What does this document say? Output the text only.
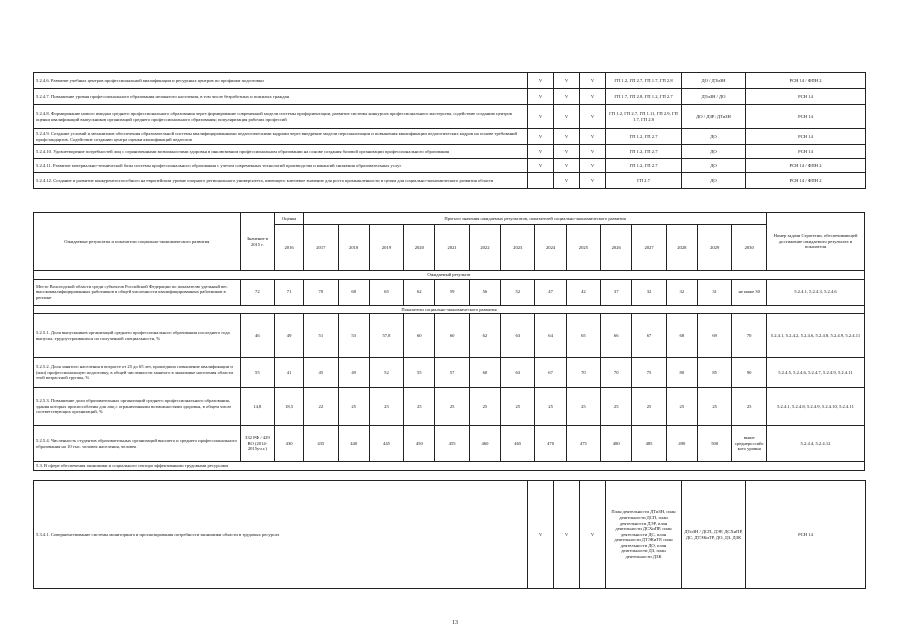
5.2.4.6. Развитие учебных центров профессиональной квалификации и ресурсных центров по профилям подготовки	V	V	V	ГП 1.2, ГП 2.7, ГП 1.7, ГП 2.8	ДО / ДТиЗН	РСН 14 / ФПН 2
5.2.4.7. Повышение уровня профессионального образования незанятого населения, в том числе безработных и пожилых граждан	V	V	V	ГП 1.7, ГП 2.8, ГП 1.2, ГП 2.7	ДТиЗН / ДО	РСН 14
5.2.4.8. Формирование нового имиджа среднего профессионального образования через формирование современной модели системы профориентации, развитие системы конкурсов профессионального мастерства, содействие созданию центров оценки квалификаций выпускников организаций среднего профессионального образования; популяризация рабочих профессий	V	V	V	ГП 1.2, ГП 2.7, ГП 1.11, ГП 2.9, ГП 1.7, ГП 2.8	ДО / ДЗР; ДТиЗН	РСН 14
5.2.4.9. Создание условий и механизмов обеспечения образовательной системы квалифицированными педагогическими кадрами через внедрение модели персонализации и повышения квалификации педагогических кадров на основе требований профстандартов. Содействие созданию центра оценки квалификаций педагогов	V	V	V	ГП 1.2, ГП 2.7	ДО	РСН 14
5.2.4.10. Удовлетворение потребностей лиц с ограниченными возможностями здоровья в инклюзивном профессиональном образовании на основе создания базовой организации профессионального образования	V	V	V	ГП 1.2, ГП 2.7	ДО	РСН 14
5.2.4.11. Развитие материально-технической базы системы профессионального образования с учетом современных технологий производства и вакансий снижения образовательных услуг	V	V	V	ГП 1.2, ГП 2.7	ДО	РСН 14 / ФПН 2
5.2.4.12. Создание и развитие конкурентоспособного на европейском уровне опорного регионального университета, имеющего ключевое значение для роста промышленности и целям для социально-экономического развития области		V	V	ГП 2.7	ДО	РСН 14 / ФПН 2
Ожидаемые результаты и показатели социально-экономического развития	Значение в 2015 г.	Оценка	Прогноз значения ожидаемых результатов, показателей социально-экономического развития														Номер задачи Стратегии, обеспечивающей достижение ожидаемого результата и показателя
		2016	2017	2018	2019	2020	2021	2022	2023	2024	2025	2026	2027	2028	2029	2030	
Ожидаемый результат																	
Место Вологодской области среди субъектов Российской Федерации по показателю удельный вес высококвалифицированных работников в общей численности квалифицированных работников в регионе	72	71	70	68	65	62	59	56	52	47	42	37	32	32	31	не ниже 30	5.2.4.1, 5.2.4.3, 5.2.4.6
Показатели социально-экономического развития																	
5.2.5.1. Доля выпускников организаций среднего профессионального образования последнего года выпуска, трудоустроившихся по полученной специальности, %	46	49	51	53	57,8	60	60	62	63	64	65	66	67	68	69	70	5.2.4.1, 5.2.4.2, 5.2.4.6, 5.2.4.8, 5.2.4.9, 5.2.4.11
5.2.5.2. Доля занятого населения в возрасте от 25 до 65 лет, прошедших повышение квалификации и (или) профессиональную подготовку, в общей численности занятого в экономике населения области этой возрастной группы, %	55	41	45	49	52	55	57	60	63	67	70	70	75	80	85	90	5.2.4.5, 5.2.4.6, 5.2.4.7, 5.2.4.9, 5.2.4.11
5.2.5.3. Повышение доли образовательных организаций среднего профессионального образования, здания которых приспособлены для лиц с ограниченными возможностями здоровья, в общем числе соответствующих организаций, %	14,8	18,5	22	25	25	25	25	25	25	25	25	25	25	25	25	25	5.2.4.1, 5.2.4.8, 5.2.4.9, 5.2.4.10, 5.2.4.11
5.2.5.4. Численность студентов образовательных организаций высшего и среднего профессионального образования на 10 тыс. человек населения, человек	332 РФ / 429 ВО (2014-2015уч.г.)	430	435	440	445	450	455	460	465	470	475	480	485	490	500	выше среднероссийского уровня	5.2.4.4, 5.2.4.12
5.3. В сфере обеспечения экономики и социального сектора эффективными трудовыми ресурсами																	
13
5.3.4.1. Совершенствование системы мониторинга и прогнозирования потребности экономики области в трудовых ресурсах	V	V	V	План деятельности ДТиЗН, план деятельности ДСП, план деятельности ДЭР, план деятельности ДСХиПР, план деятельности ДС, план деятельности ДТЭКиТР, план деятельности ДО, план деятельности ДЗ, план деятельности ДЗК	ДТиЗН / ДСП, ДЭР, ДСХиПР, ДС, ДТЭКиТР, ДО, ДЗ, ДЗК	РСН 14
